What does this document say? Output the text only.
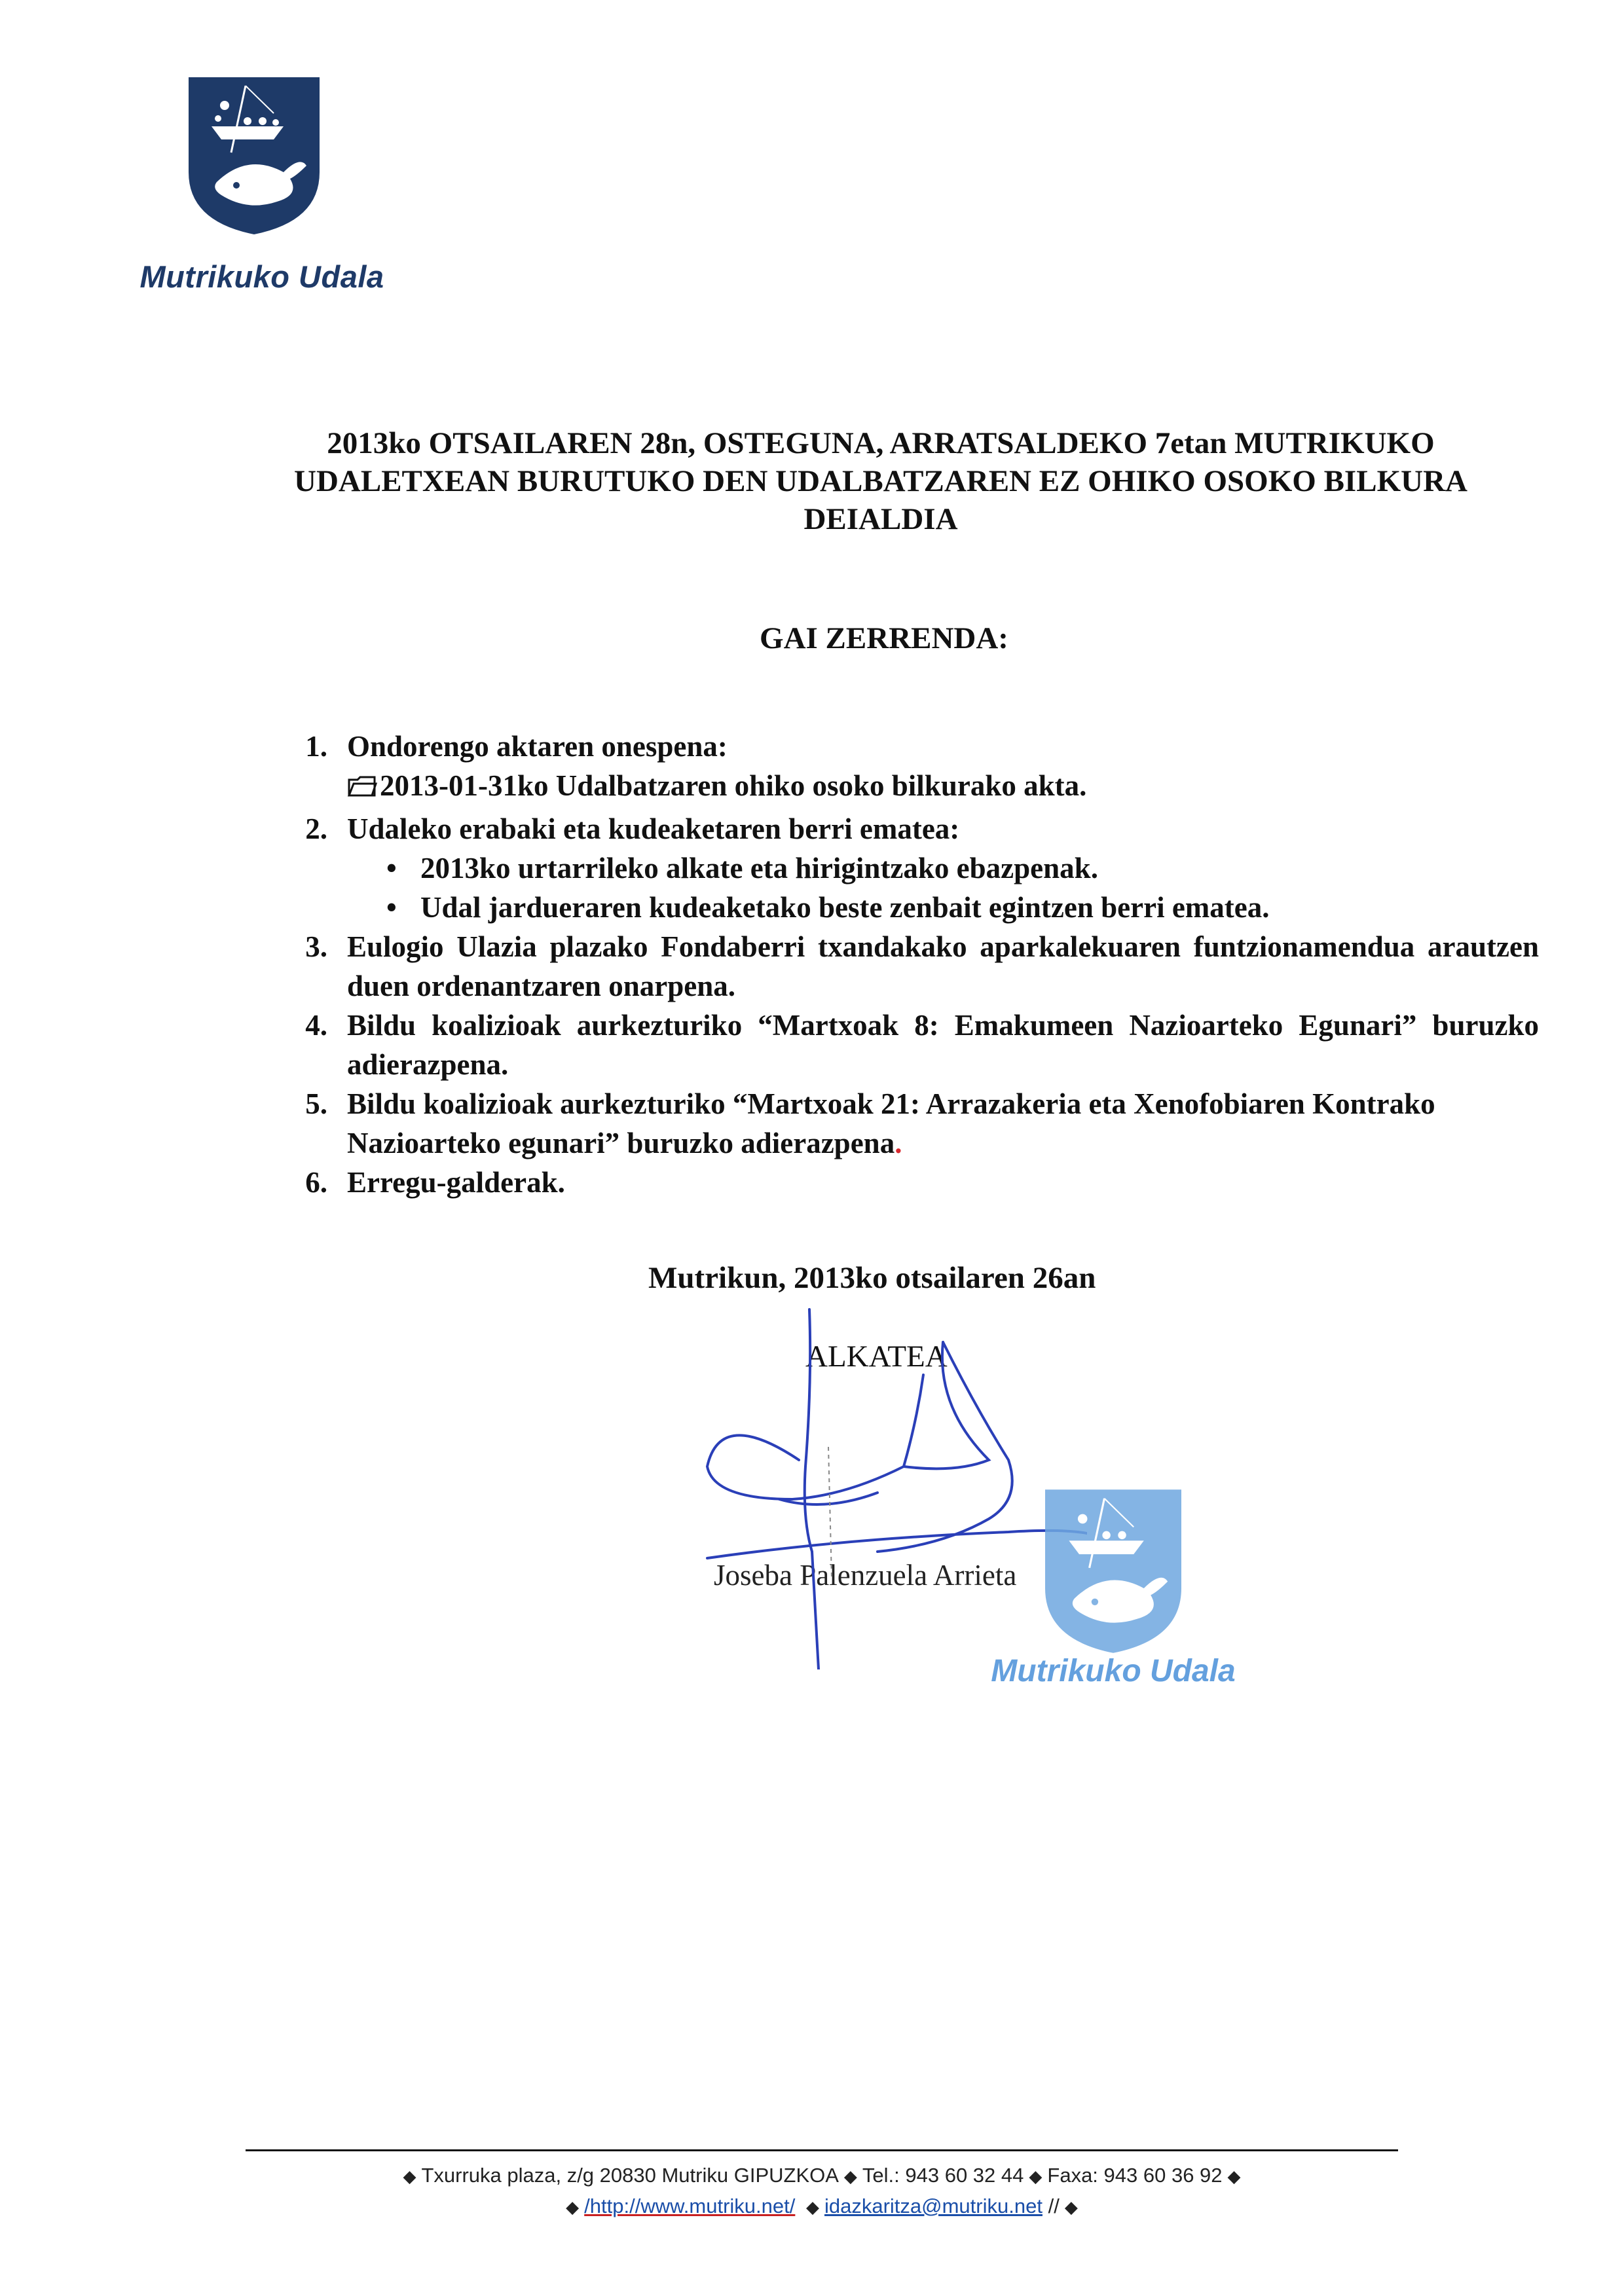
Mutrikuko Udala
2013ko OTSAILAREN 28n, OSTEGUNA, ARRATSALDEKO 7etan MUTRIKUKO
UDALETXEAN BURUTUKO DEN UDALBATZAREN EZ OHIKO OSOKO BILKURA
DEIALDIA
GAI ZERRENDA:
1. Ondorengo aktaren onespena:
2013-01-31ko Udalbatzaren ohiko osoko bilkurako akta.
2. Udaleko erabaki eta kudeaketaren berri ematea:
• 2013ko urtarrileko alkate eta hirigintzako ebazpenak.
• Udal jardueraren kudeaketako beste zenbait egintzen berri ematea.
3. Eulogio Ulazia plazako Fondaberri txandakako aparkalekuaren funtzionamendua arautzen duen ordenantzaren onarpena.
4. Bildu koalizioak aurkezturiko “Martxoak 8: Emakumeen Nazioarteko Egunari” buruzko adierazpena.
5. Bildu koalizioak aurkezturiko “Martxoak 21: Arrazakeria eta Xenofobiaren Kontrako Nazioarteko egunari” buruzko adierazpena.
6. Erregu-galderak.
Mutrikun, 2013ko otsailaren 26an
ALKATEA
Joseba Palenzuela Arrieta
Mutrikuko Udala
◆ Txurruka plaza, z/g 20830 Mutriku GIPUZKOA ◆ Tel.: 943 60 32 44 ◆ Faxa: 943 60 36 92 ◆
◆ /http://www.mutriku.net/ ◆ idazkaritza@mutriku.net // ◆
